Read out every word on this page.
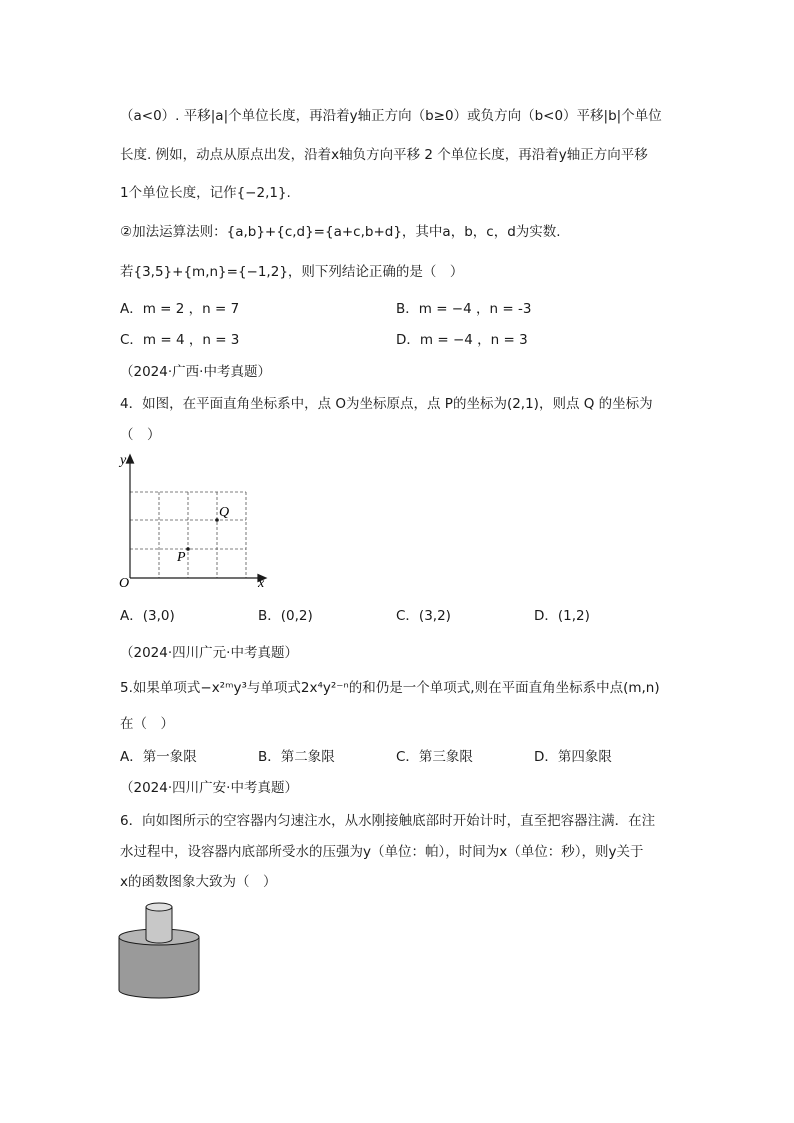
（a<0）. 平移|a|个单位长度，再沿着y轴正方向（b≥0）或负方向（b<0）平移|b|个单位
长度. 例如，动点从原点出发，沿着x轴负方向平移 2 个单位长度，再沿着y轴正方向平移
1个单位长度，记作{−2,1}.
②加法运算法则：{a,b}+{c,d}={a+c,b+d}，其中a，b，c，d为实数.
若{3,5}+{m,n}={−1,2}，则下列结论正确的是（　）
A．m = 2 ，n = 7	B．m = −4 ，n = -3
C．m = 4 ，n = 3	D．m = −4 ，n = 3
（2024·广西·中考真题）
4．如图，在平面直角坐标系中，点 O为坐标原点，点 P的坐标为(2,1)，则点 Q 的坐标为
（　）
y
x
O
P
Q
A．(3,0)	B．(0,2)	C．(3,2)	D．(1,2)
（2024·四川广元·中考真题）
5.如果单项式−x²ᵐy³与单项式2x⁴y²⁻ⁿ的和仍是一个单项式,则在平面直角坐标系中点(m,n)
在（　）
A．第一象限	B．第二象限	C．第三象限	D．第四象限
（2024·四川广安·中考真题）
6．向如图所示的空容器内匀速注水，从水刚接触底部时开始计时，直至把容器注满．在注
水过程中，设容器内底部所受水的压强为y（单位：帕），时间为x（单位：秒），则y关于
x的函数图象大致为（　）
